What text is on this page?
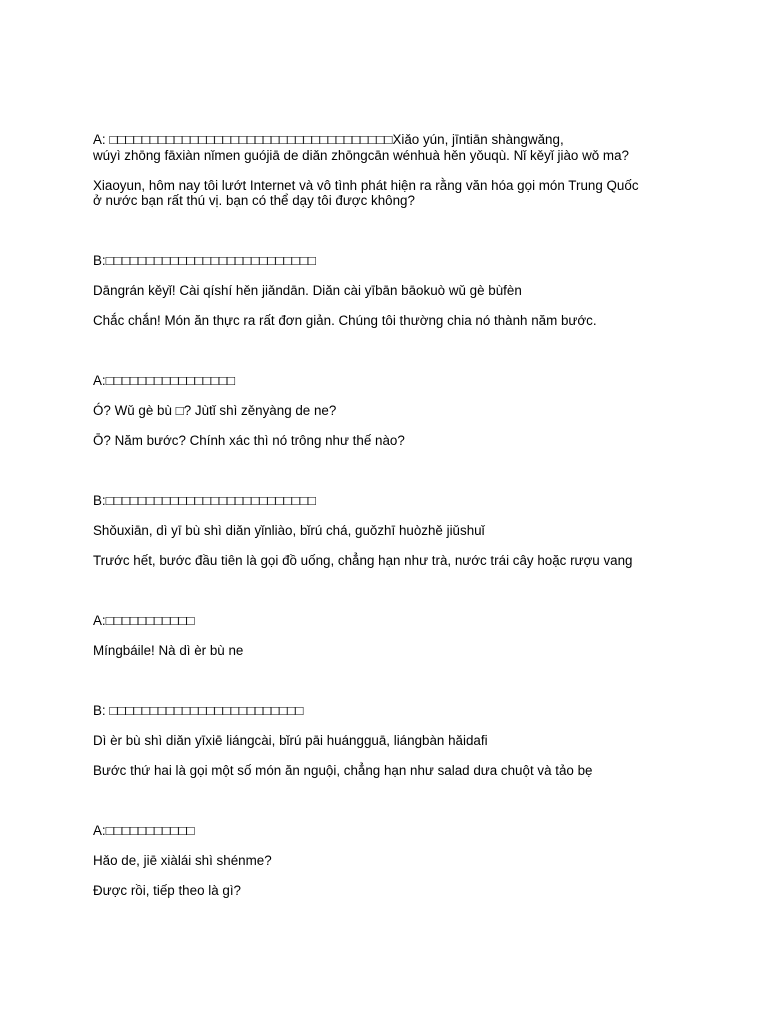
A: □□□□□□□□□□□□□□□□□□□□□□□□□□□□□□□□□□□Xiǎo yún, jīntiān shàngwǎng,
wúyì zhōng fāxiàn nǐmen guójiā de diǎn zhōngcān wénhuà hěn yǒuqù. Nǐ kěyǐ jiào wǒ ma?
Xiaoyun, hôm nay tôi lướt Internet và vô tình phát hiện ra rằng văn hóa gọi món Trung Quốc
ở nước bạn rất thú vị. bạn có thể dạy tôi được không?
B:□□□□□□□□□□□□□□□□□□□□□□□□□□
Dāngrán kěyǐ! Cài qíshí hěn jiǎndān. Diǎn cài yībān bāokuò wǔ gè bùfèn
Chắc chắn! Món ăn thực ra rất đơn giản. Chúng tôi thường chia nó thành năm bước.
A:□□□□□□□□□□□□□□□□
Ó? Wǔ gè bù □? Jùtǐ shì zěnyàng de ne?
Ō? Năm bước? Chính xác thì nó trông như thế nào?
B:□□□□□□□□□□□□□□□□□□□□□□□□□□
Shǒuxiān, dì yī bù shì diǎn yǐnliào, bǐrú chá, guǒzhī huòzhě jiǔshuǐ
Trước hết, bước đầu tiên là gọi đồ uống, chẳng hạn như trà, nước trái cây hoặc rượu vang
A:□□□□□□□□□□□
Míngbáile! Nà dì èr bù ne
B: □□□□□□□□□□□□□□□□□□□□□□□□
Dì èr bù shì diǎn yīxiē liángcài, bǐrú pāi huángguā, liángbàn hǎidafi
Bước thứ hai là gọi một số món ăn nguội, chẳng hạn như salad dưa chuột và tảo bẹ
A:□□□□□□□□□□□
Hǎo de, jiē xiàlái shì shénme?
Được rồi, tiếp theo là gì?
